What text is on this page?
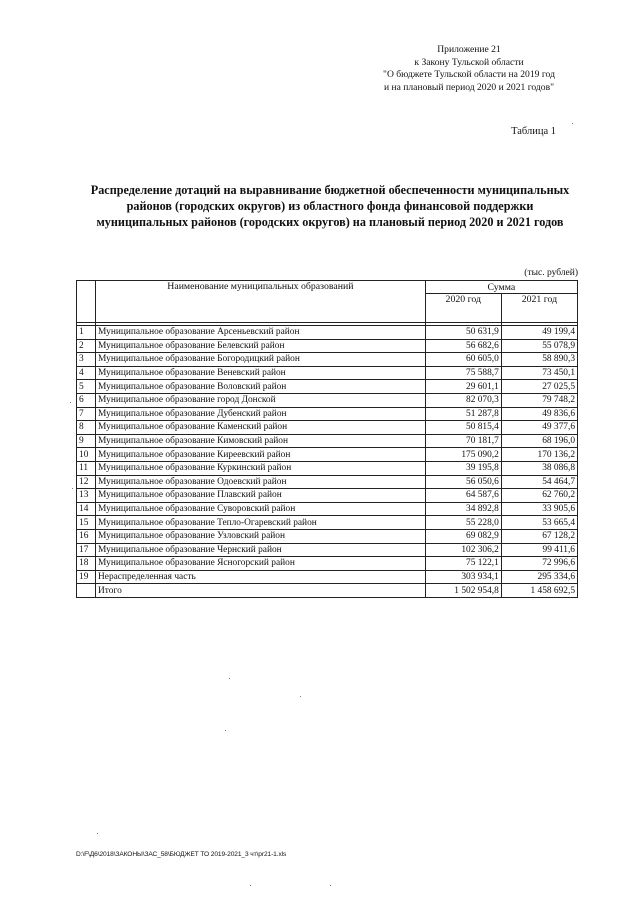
Приложение 21
к Закону Тульской области
"О бюджете Тульской области на 2019 год
и на плановый период 2020 и 2021 годов"
Таблица 1
Распределение дотаций на выравнивание бюджетной обеспеченности муниципальных
районов (городских округов) из областного фонда финансовой поддержки
муниципальных районов (городских округов) на плановый период 2020 и 2021 годов
(тыс. рублей)
	Наименование муниципальных образований	Сумма	
		2020 год	2021 год

1	Муниципальное образование Арсеньевский район	50 631,9	49 199,4
2	Муниципальное образование Белевский район	56 682,6	55 078,9
3	Муниципальное образование Богородицкий район	60 605,0	58 890,3
4	Муниципальное образование Веневский район	75 588,7	73 450,1
5	Муниципальное образование Воловский район	29 601,1	27 025,5
6	Муниципальное образование город Донской	82 070,3	79 748,2
7	Муниципальное образование Дубенский район	51 287,8	49 836,6
8	Муниципальное образование Каменский район	50 815,4	49 377,6
9	Муниципальное образование Кимовский район	70 181,7	68 196,0
10	Муниципальное образование Киреевский район	175 090,2	170 136,2
11	Муниципальное образование Куркинский район	39 195,8	38 086,8
12	Муниципальное образование Одоевский район	56 050,6	54 464,7
13	Муниципальное образование Плавский район	64 587,6	62 760,2
14	Муниципальное образование Суворовский район	34 892,8	33 905,6
15	Муниципальное образование Тепло-Огаревский район	55 228,0	53 665,4
16	Муниципальное образование Узловский район	69 082,9	67 128,2
17	Муниципальное образование Чернский район	102 306,2	99 411,6
18	Муниципальное образование Ясногорский район	75 122,1	72 996,6
19	Нераспределенная часть	303 934,1	295 334,6
	Итого	1 502 954,8	1 458 692,5
D:\F\Д6\2018\ЗАКОНЫ\ЗАС_58\БЮДЖЕТ ТО 2019-2021_3 чт\pr21-1.xls
